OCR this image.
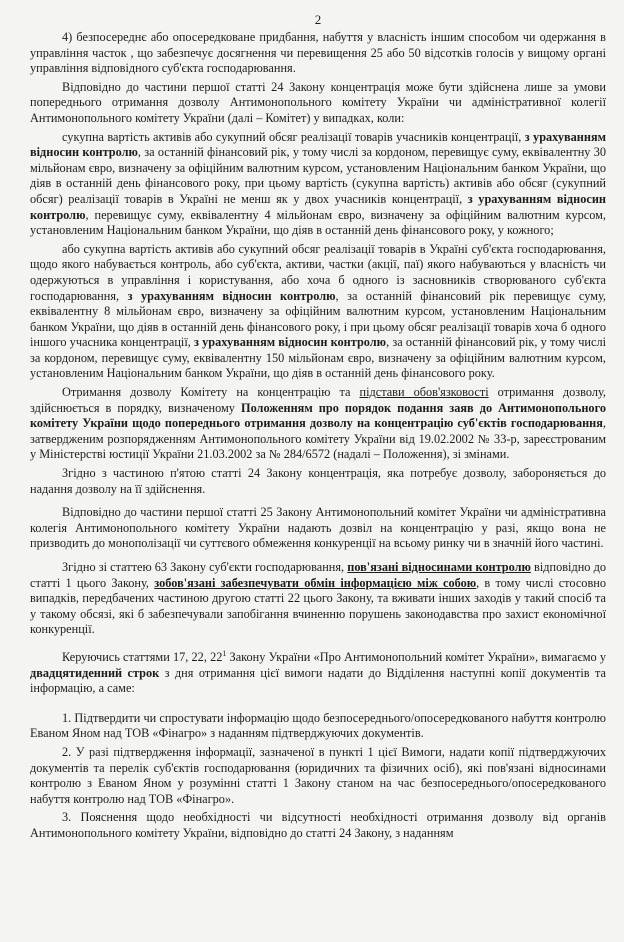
2

4) безпосереднє або опосередковане придбання, набуття у власність іншим способом чи одержання в управління часток , що забезпечує досягнення чи перевищення 25 або 50 відсотків голосів у вищому органі управління відповідного суб'єкта господарювання.

Відповідно до частини першої статті 24 Закону концентрація може бути здійснена лише за умови попереднього отримання дозволу Антимонопольного комітету України чи адміністративної колегії Антимонопольного комітету України (далі – Комітет) у випадках, коли:

сукупна вартість активів або сукупний обсяг реалізації товарів учасників концентрації, з урахуванням відносин контролю, за останній фінансовий рік, у тому числі за кордоном, перевищує суму, еквівалентну 30 мільйонам євро, визначену за офіційним валютним курсом, установленим Національним банком України, що діяв в останній день фінансового року, при цьому вартість (сукупна вартість) активів або обсяг (сукупний обсяг) реалізації товарів в Україні не менш як у двох учасників концентрації, з урахуванням відносин контролю, перевищує суму, еквівалентну 4 мільйонам євро, визначену за офіційним валютним курсом, установленим Національним банком України, що діяв в останній день фінансового року, у кожного;

або сукупна вартість активів або сукупний обсяг реалізації товарів в Україні суб'єкта господарювання, щодо якого набувається контроль, або суб'єкта, активи, частки (акції, паї) якого набуваються у власність чи одержуються в управління і користування, або хоча б одного із засновників створюваного суб'єкта господарювання, з урахуванням відносин контролю, за останній фінансовий рік перевищує суму, еквівалентну 8 мільйонам євро, визначену за офіційним валютним курсом, установленим Національним банком України, що діяв в останній день фінансового року, і при цьому обсяг реалізації товарів хоча б одного іншого учасника концентрації, з урахуванням відносин контролю, за останній фінансовий рік, у тому числі за кордоном, перевищує суму, еквівалентну 150 мільйонам євро, визначену за офіційним валютним курсом, установленим Національним банком України, що діяв в останній день фінансового року.

Отримання дозволу Комітету на концентрацію та підстави обов'язковості отримання дозволу, здійснюється в порядку, визначеному Положенням про порядок подання заяв до Антимонопольного комітету України щодо попереднього отримання дозволу на концентрацію суб'єктів господарювання, затвердженим розпорядженням Антимонопольного комітету України від 19.02.2002 № 33-р, зареєстрованим у Міністерстві юстиції України 21.03.2002 за № 284/6572 (надалі – Положення), зі змінами.

Згідно з частиною п'ятою статті 24 Закону концентрація, яка потребує дозволу, забороняється до надання дозволу на її здійснення.

Відповідно до частини першої статті 25 Закону Антимонопольний комітет України чи адміністративна колегія Антимонопольного комітету України надають дозвіл на концентрацію у разі, якщо вона не призводить до монополізації чи суттєвого обмеження конкуренції на всьому ринку чи в значній його частині.

Згідно зі статтею 63 Закону суб'єкти господарювання, пов'язані відносинами контролю відповідно до статті 1 цього Закону, зобов'язані забезпечувати обмін інформацією між собою, в тому числі стосовно випадків, передбачених частиною другою статті 22 цього Закону, та вживати інших заходів у такий спосіб та у такому обсязі, які б забезпечували запобігання вчиненню порушень законодавства про захист економічної конкуренції.

Керуючись статтями 17, 22, $22^1$ Закону України «Про Антимонопольний комітет України», вимагаємо у двадцятиденний строк з дня отримання цієї вимоги надати до Відділення наступні копії документів та інформацію, а саме:

1. Підтвердити чи спростувати інформацію щодо безпосереднього/опосередкованого набуття контролю Еваном Яном над ТОВ «Фінагро» з наданням підтверджуючих документів.

2. У разі підтвердження інформації, зазначеної в пункті 1 цієї Вимоги, надати копії підтверджуючих документів та перелік суб'єктів господарювання (юридичних та фізичних осіб), які пов'язані відносинами контролю з Еваном Яном у розумінні статті 1 Закону станом на час безпосереднього/опосередкованого набуття контролю над ТОВ «Фінагро».

3. Пояснення щодо необхідності чи відсутності необхідності отримання дозволу від органів Антимонопольного комітету України, відповідно до статті 24 Закону, з наданням
